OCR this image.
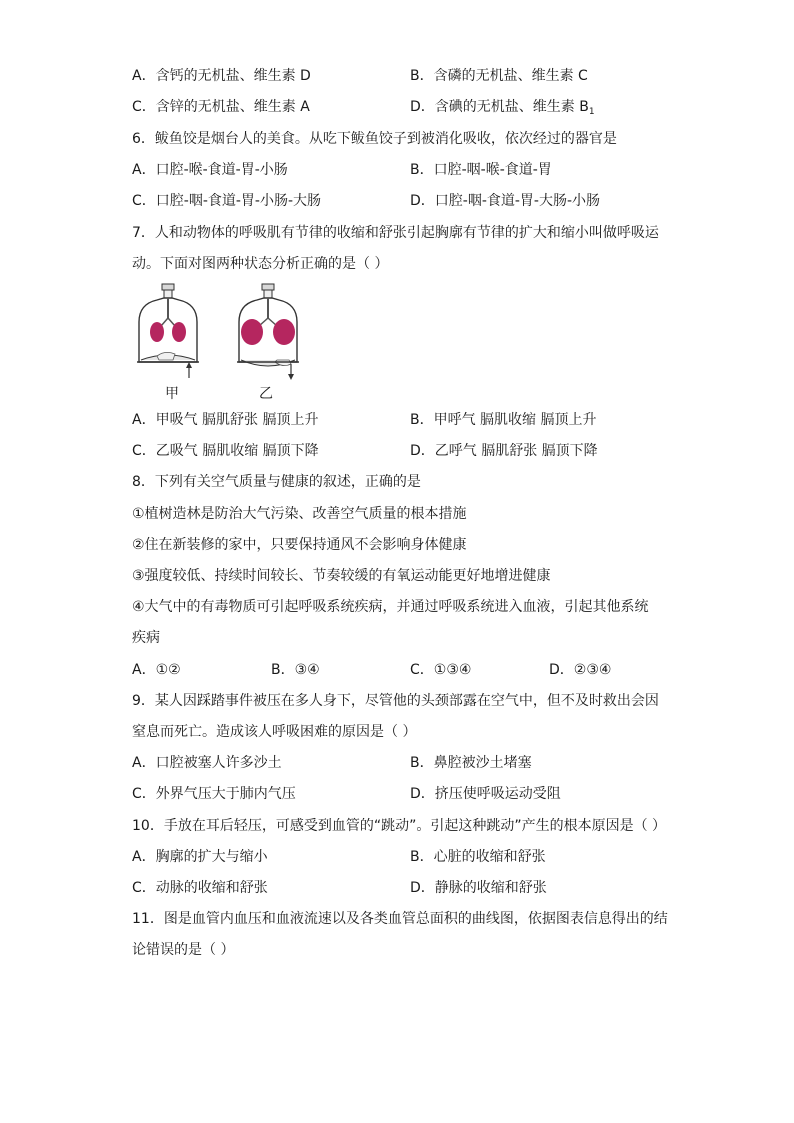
A．含钙的无机盐、维生素 D	B．含磷的无机盐、维生素 C
C．含锌的无机盐、维生素 A	D．含碘的无机盐、维生素 $B_1$
6．鲅鱼饺是烟台人的美食。从吃下鲅鱼饺子到被消化吸收，依次经过的器官是
A．口腔-喉-食道-胃-小肠	B．口腔-咽-喉-食道-胃
C．口腔-咽-食道-胃-小肠-大肠	D．口腔-咽-食道-胃-大肠-小肠
7．人和动物体的呼吸肌有节律的收缩和舒张引起胸廓有节律的扩大和缩小叫做呼吸运
动。下面对图两种状态分析正确的是（ ）
甲	乙
A．甲吸气 膈肌舒张 膈顶上升	B．甲呼气 膈肌收缩 膈顶上升
C．乙吸气 膈肌收缩 膈顶下降	D．乙呼气 膈肌舒张 膈顶下降
8．下列有关空气质量与健康的叙述，正确的是
①植树造林是防治大气污染、改善空气质量的根本措施
②住在新装修的家中，只要保持通风不会影响身体健康
③强度较低、持续时间较长、节奏较缓的有氧运动能更好地增进健康
④大气中的有毒物质可引起呼吸系统疾病，并通过呼吸系统进入血液，引起其他系统
疾病
A．①②	B．③④	C．①③④	D．②③④
9．某人因踩踏事件被压在多人身下，尽管他的头颈部露在空气中，但不及时救出会因
窒息而死亡。造成该人呼吸困难的原因是（ ）
A．口腔被塞人许多沙土	B．鼻腔被沙土堵塞
C．外界气压大于肺内气压	D．挤压使呼吸运动受阻
10．手放在耳后轻压，可感受到血管的“跳动”。引起这种跳动”产生的根本原因是（ ）
A．胸廓的扩大与缩小	B．心脏的收缩和舒张
C．动脉的收缩和舒张	D．静脉的收缩和舒张
11．图是血管内血压和血液流速以及各类血管总面积的曲线图，依据图表信息得出的结
论错误的是（ ）
